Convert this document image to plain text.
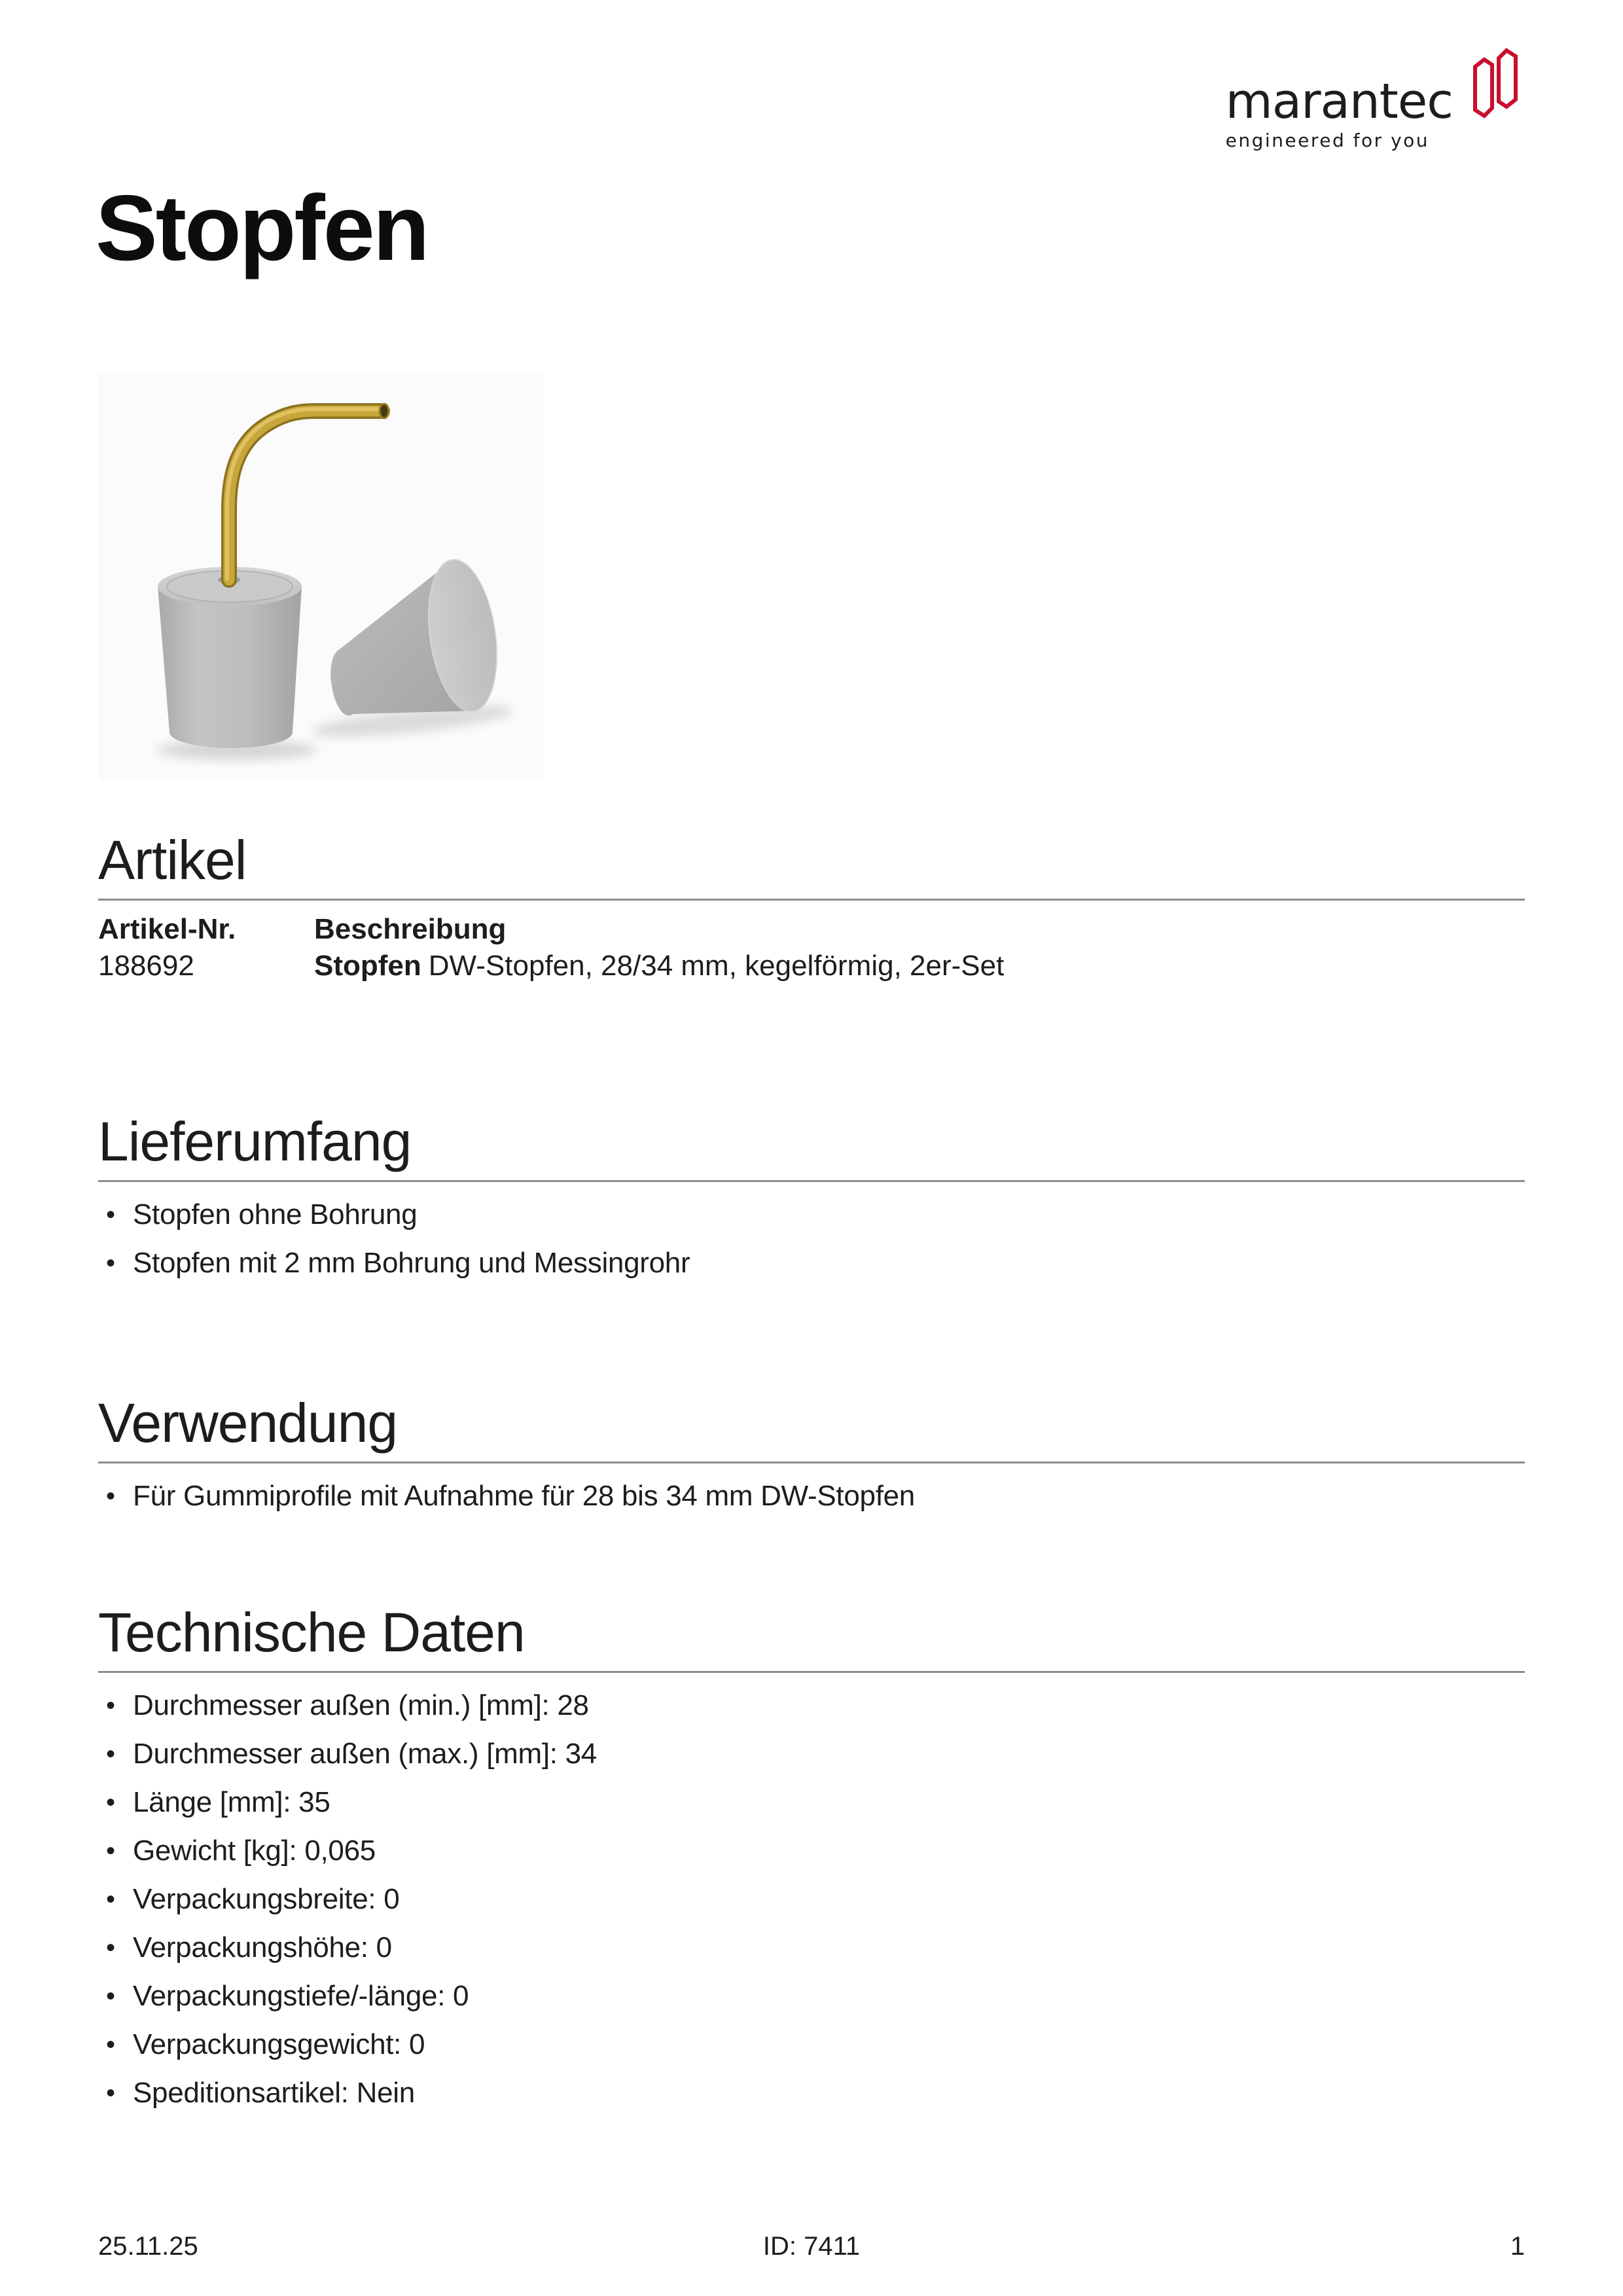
marantec
engineered for you
Stopfen
Artikel
Artikel-Nr.	Beschreibung
188692	Stopfen DW-Stopfen, 28/34 mm, kegelförmig, 2er-Set
Lieferumfang
• Stopfen ohne Bohrung
• Stopfen mit 2 mm Bohrung und Messingrohr
Verwendung
• Für Gummiprofile mit Aufnahme für 28 bis 34 mm DW-Stopfen
Technische Daten
• Durchmesser außen (min.) [mm]: 28
• Durchmesser außen (max.) [mm]: 34
• Länge [mm]: 35
• Gewicht [kg]: 0,065
• Verpackungsbreite: 0
• Verpackungshöhe: 0
• Verpackungstiefe/-länge: 0
• Verpackungsgewicht: 0
• Speditionsartikel: Nein
25.11.25	ID: 7411	1
